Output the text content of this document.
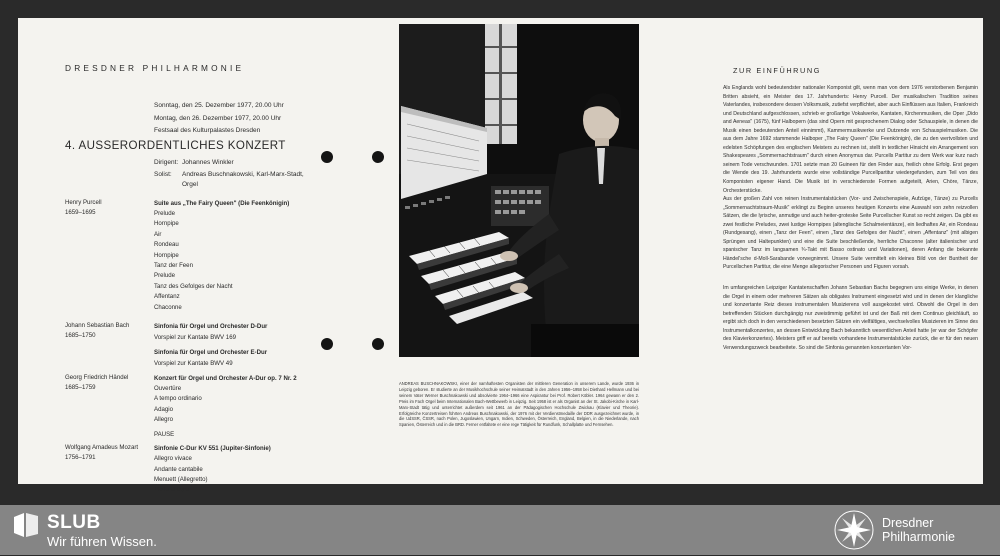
DRESDNER PHILHARMONIE
Sonntag, den 25. Dezember 1977, 20.00 Uhr
Montag, den 26. Dezember 1977, 20.00 Uhr
Festsaal des Kulturpalastes Dresden
4. AUSSERORDENTLICHES KONZERT
Dirigent: Johannes Winkler
Solist:	Andreas Buschnakowski, Karl-Marx-Stadt, Orgel
Henry Purcell
1659–1695
Suite aus „The Fairy Queen" (Die Feenkönigin)
Prelude
Hornpipe
Air
Rondeau
Hornpipe
Tanz der Feen
Prelude
Tanz des Gefolges der Nacht
Affentanz
Chaconne
Johann Sebastian Bach
1685–1750
Sinfonia für Orgel und Orchester D-Dur
Vorspiel zur Kantate BWV 169
Sinfonia für Orgel und Orchester E-Dur
Vorspiel zur Kantate BWV 49
Georg Friedrich Händel
1685–1759
Konzert für Orgel und Orchester A-Dur op. 7 Nr. 2
Ouvertüre
A tempo ordinario
Adagio
Allegro
PAUSE
Wolfgang Amadeus Mozart
1756–1791
Sinfonie C-Dur KV 551 (Jupiter-Sinfonie)
Allegro vivace
Andante cantabile
Menuett (Allegretto)
Molto allegro

ANDREAS BUSCHNAKOWSKI, einer der namhaftesten Organisten der mittleren Generation in unserem Lande, wurde 1936 in Leipzig geboren. Er studierte an der Musikhochschule seiner Heimatstadt in den Jahren 1956–1958 bei Diethard Hellmann und bei seinem Vater Werner Buschnakowski und absolvierte 1964–1966 eine Aspirantur bei Prof. Robert Köbler. 1964 gewann er den 2. Preis im Fach Orgel beim Internationalen Bach-Wettbewerb in Leipzig. Seit 1958 ist er als Organist an der St. Jakobi-Kirche in Karl-Marx-Stadt tätig und unterrichtet außerdem seit 1961 an der Pädagogischen Hochschule Zwickau (Klavier und Theorie). Erfolgreiche Konzertreisen führten Andreas Buschnakowski, der 1976 mit der Verdienstmedaille der DDR ausgezeichnet wurde, in die UdSSR, ČSSR, nach Polen, Jugoslawien, Ungarn, Indien, Schweden, Österreich, England, Belgien, in die Niederlande, nach Spanien, Österreich und in die BRD. Ferner entfaltete er eine rege Tätigkeit für Rundfunk, Schallplatte und Fernsehen.

ZUR EINFÜHRUNG

Als Englands wohl bedeutendster nationaler Komponist gilt, wenn man von dem 1976 verstorbenen Benjamin Britten absieht, ein Meister des 17. Jahrhunderts: Henry Purcell. Der musikalischen Tradition seines Vaterlandes, insbesondere dessen Volksmusik, zutiefst verpflichtet, aber auch Einflüssen aus Italien, Frankreich und Deutschland aufgeschlossen, schrieb er großartige Vokalwerke, Kantaten, Kirchenmusiken, die Oper „Dido and Aeneas" (1675), fünf Halbopern (das sind Opern mit gesprochenem Dialog oder Schauspiele, in denen die Musik einen bedeutenden Anteil einnimmt), Kammermusikwerke und Dutzende von Schauspielmusiken. Die aus dem Jahre 1692 stammende Halboper „The Fairy Queen" (Die Feenkönigin), die zu den wertvollsten und edelsten Schöpfungen des englischen Meisters zu rechnen ist, stellt in textlicher Hinsicht ein Arrangement von Shakespeares „Sommernachtstraum" durch einen Anonymus dar. Purcells Partitur zu dem Werk war kurz nach seinem Tode verschwunden. 1701 setzte man 20 Guineen für den Finder aus, freilich ohne Erfolg. Erst gegen die Wende des 19. Jahrhunderts wurde eine vollständige Purcellpartitur wiedergefunden, zum Teil von des Komponisten eigener Hand. Die Musik ist in verschiedenste Formen aufgeteilt, Arien, Chöre, Tänze, Orchesterstücke.

Aus der großen Zahl von reinen Instrumentalstücken (Vor- und Zwischenspiele, Aufzüge, Tänze) zu Purcells „Sommernachtstraum-Musik" erklingt zu Beginn unseres heutigen Konzerts eine Auswahl von zehn reizvollen Sätzen, die die lyrische, anmutige und auch heiter-groteske Seite Purcellscher Kunst so recht zeigen. Da gibt es zwei festliche Preludes, zwei lustige Hornpipes (altenglische Schalmeientänze), ein liedhaftes Air, ein Rondeau (Rundgesang), einen „Tanz der Feen", einen „Tanz des Gefolges der Nacht", einen „Affentanz" (mit albigen Sprüngen und Haltepunkten) und eine die Suite beschließende, herrliche Chaconne (alter italienischer und spanischer Tanz im langsamen ¾-Takt mit Basso ostinato und Variationen), deren Anfang die bekannte Händel'sche d-Moll-Sarabande vorwegnimmt. Unsere Suite vermittelt ein kleines Bild von der Buntheit der Purcellschen Partitur, die eine Menge allegorischer Personen und Figuren vorsah.

Im umfangreichen Leipziger Kantatenschaffen Johann Sebastian Bachs begegnen uns einige Werke, in denen die Orgel in einem oder mehreren Sätzen als obligates Instrument eingesetzt wird und in denen der klangliche und konzertante Reiz dieses instrumentalen Musizierens voll ausgekostet wird. Obwohl die Orgel in den betreffenden Stücken durchgängig nur zweistimmig geführt ist und der Baß mit dem Continuo gleichläuft, so ergibt sich doch in den verschiedenen besetzten Sätzen ein vielfältiges, wechselvolles Musizieren im Sinne des Instrumentalkonzertes, an dessen Entwicklung Bach bekanntlich wesentlichen Anteil hatte (er war der Schöpfer des Klavierkonzertes). Meisters griff er auf bereits vorhandene Instrumentalstücke zurück, die er für den neuen Verwendungszweck bearbeitete. So sind die Sinfonia genannten konzertanten Vor-

SLUB
Wir führen Wissen.
Dresdner
Philharmonie
